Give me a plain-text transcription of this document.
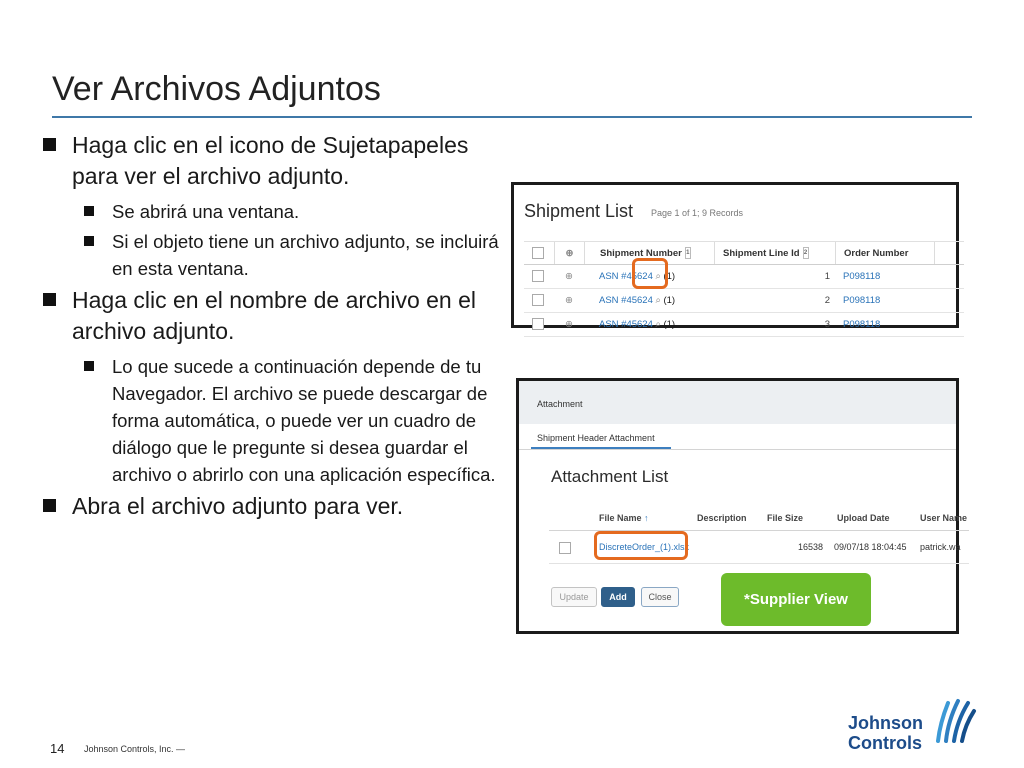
Ver Archivos Adjuntos
Haga clic en el icono de Sujetapapeles para ver el archivo adjunto.
Se abrirá una ventana.
Si el objeto tiene un archivo adjunto, se incluirá en esta ventana.
Haga clic en el nombre de archivo en el archivo adjunto.
Lo que sucede a continuación depende de tu Navegador. El archivo se puede descargar de forma automática, o puede ver un cuadro de diálogo que le pregunte si desea guardar el archivo o abrirlo con una aplicación específica.
Abra el archivo adjunto para ver.
Shipment List Page 1 of 1; 9 Records
⊕	Shipment Number 1	Shipment Line Id 2	Order Number
⊕	ASN #45624 ⌕ (1)	1 P098118
⊕	ASN #45624 ⌕ (1)	2 P098118
⊕	ASN #45624 ⌕ (1)	3 P098118
Attachment
Shipment Header Attachment
Attachment List
File Name ↑	Description File Size	Upload Date	User Name
DiscreteOrder_(1).xlsx	16538 09/07/18 18:04:45 patrick.wa
Update	Add	Close	*Supplier View
14 Johnson Controls, Inc. —
Johnson
Controls
